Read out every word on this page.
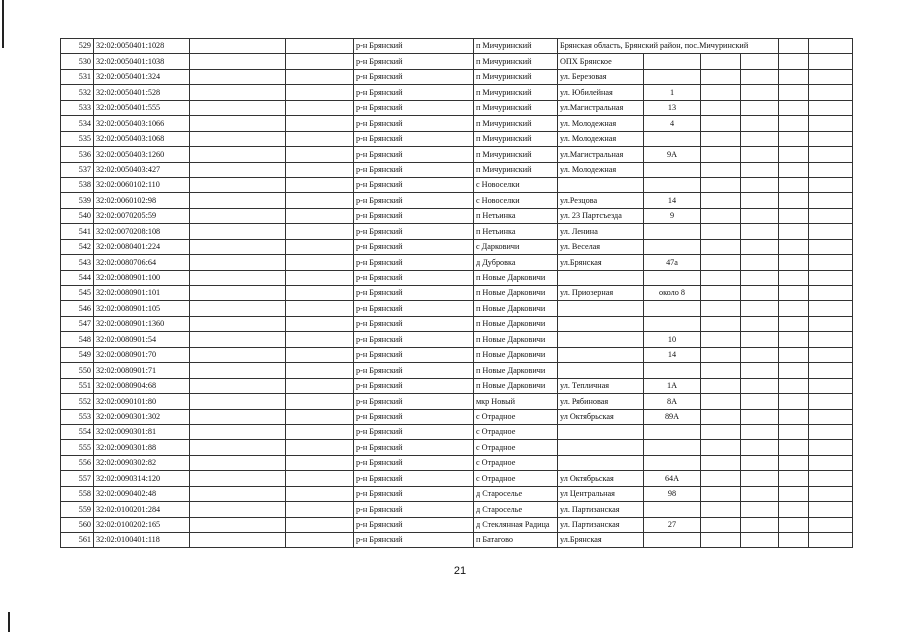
529	32:02:0050401:1028			р-н Брянский	п Мичуринский	Брянская область, Брянский район, пос.Мичуринский					
530	32:02:0050401:1038			р-н Брянский	п Мичуринский	ОПХ Брянское					
531	32:02:0050401:324			р-н Брянский	п Мичуринский	ул. Березовая					
532	32:02:0050401:528			р-н Брянский	п Мичуринский	ул. Юбилейная	1				
533	32:02:0050401:555			р-н Брянский	п Мичуринский	ул.Магистральная	13				
534	32:02:0050403:1066			р-н Брянский	п Мичуринский	ул. Молодежная	4				
535	32:02:0050403:1068			р-н Брянский	п Мичуринский	ул. Молодежная					
536	32:02:0050403:1260			р-н Брянский	п Мичуринский	ул.Магистральная	9А				
537	32:02:0050403:427			р-н Брянский	п Мичуринский	ул. Молодежная					
538	32:02:0060102:110			р-н Брянский	с Новоселки						
539	32:02:0060102:98			р-н Брянский	с Новоселки	ул.Резцова	14				
540	32:02:0070205:59			р-н Брянский	п Нетьинка	ул. 23 Партсъезда	9				
541	32:02:0070208:108			р-н Брянский	п Нетьинка	ул. Ленина					
542	32:02:0080401:224			р-н Брянский	с Дарковичи	ул. Веселая					
543	32:02:0080706:64			р-н Брянский	д Дубровка	ул.Брянская	47а				
544	32:02:0080901:100			р-н Брянский	п Новые Дарковичи						
545	32:02:0080901:101			р-н Брянский	п Новые Дарковичи	ул. Приозерная	около 8				
546	32:02:0080901:105			р-н Брянский	п Новые Дарковичи						
547	32:02:0080901:1360			р-н Брянский	п Новые Дарковичи						
548	32:02:0080901:54			р-н Брянский	п Новые Дарковичи		10				
549	32:02:0080901:70			р-н Брянский	п Новые Дарковичи		14				
550	32:02:0080901:71			р-н Брянский	п Новые Дарковичи						
551	32:02:0080904:68			р-н Брянский	п Новые Дарковичи	ул. Тепличная	1А				
552	32:02:0090101:80			р-н Брянский	мкр Новый	ул. Рябиновая	8А				
553	32:02:0090301:302			р-н Брянский	с Отрадное	ул Октябрьская	89А				
554	32:02:0090301:81			р-н Брянский	с Отрадное						
555	32:02:0090301:88			р-н Брянский	с Отрадное						
556	32:02:0090302:82			р-н Брянский	с Отрадное						
557	32:02:0090314:120			р-н Брянский	с Отрадное	ул Октябрьская	64А				
558	32:02:0090402:48			р-н Брянский	д Староселье	ул Центральная	98				
559	32:02:0100201:284			р-н Брянский	д Староселье	ул. Партизанская					
560	32:02:0100202:165			р-н Брянский	д Стеклянная Радица	ул. Партизанская	27				
561	32:02:0100401:118			р-н Брянский	п Батагово	ул.Брянская					
21
